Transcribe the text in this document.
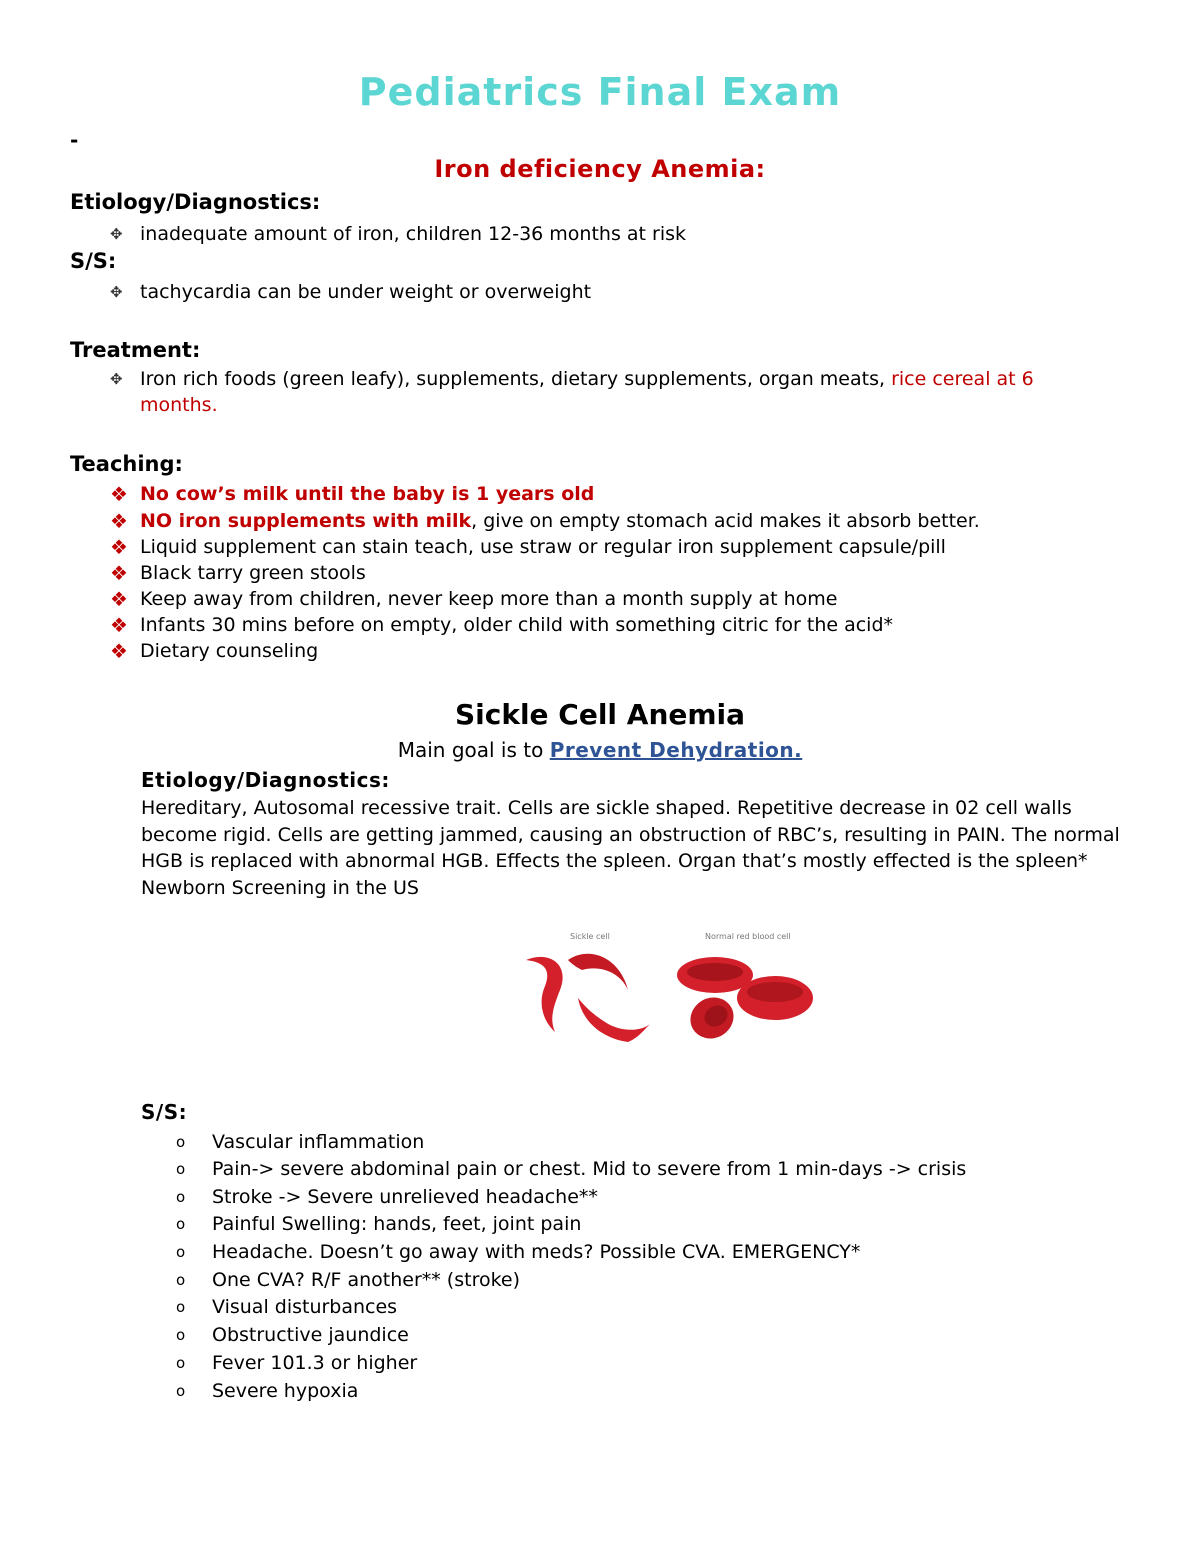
Pediatrics Final Exam
-
Iron deficiency Anemia:
Etiology/Diagnostics:
✥ inadequate amount of iron, children 12-36 months at risk
S/S:
✥ tachycardia can be under weight or overweight
Treatment:
✥ Iron rich foods (green leafy), supplements, dietary supplements, organ meats, rice cereal at 6 months.
Teaching:
❖ No cow’s milk until the baby is 1 years old
❖ NO iron supplements with milk, give on empty stomach acid makes it absorb better.
❖ Liquid supplement can stain teach, use straw or regular iron supplement capsule/pill
❖ Black tarry green stools
❖ Keep away from children, never keep more than a month supply at home
❖ Infants 30 mins before on empty, older child with something citric for the acid*
❖ Dietary counseling
Sickle Cell Anemia
Main goal is to Prevent Dehydration.
Etiology/Diagnostics:
Hereditary, Autosomal recessive trait. Cells are sickle shaped. Repetitive decrease in 02 cell walls become rigid. Cells are getting jammed, causing an obstruction of RBC’s, resulting in PAIN. The normal HGB is replaced with abnormal HGB. Effects the spleen. Organ that’s mostly effected is the spleen* Newborn Screening in the US
Sickle cell	Normal red blood cell
S/S:
o	Vascular inflammation
o	Pain-> severe abdominal pain or chest. Mid to severe from 1 min-days -> crisis
o	Stroke -> Severe unrelieved headache**
o	Painful Swelling: hands, feet, joint pain
o	Headache. Doesn’t go away with meds? Possible CVA. EMERGENCY*
o	One CVA? R/F another** (stroke)
o	Visual disturbances
o	Obstructive jaundice
o	Fever 101.3 or higher
o	Severe hypoxia
